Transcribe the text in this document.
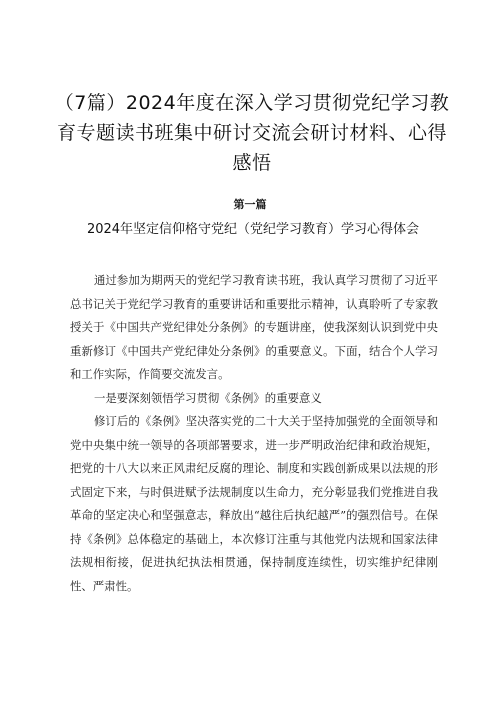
（7篇）2024年度在深入学习贯彻党纪学习教育专题读书班集中研讨交流会研讨材料、心得感悟
第一篇
2024年坚定信仰格守党纪（党纪学习教育）学习心得体会

通过参加为期两天的党纪学习教育读书班，我认真学习贯彻了习近平总书记关于党纪学习教育的重要讲话和重要批示精神，认真聆听了专家教授关于《中国共产党纪律处分条例》的专题讲座，使我深刻认识到党中央重新修订《中国共产党纪律处分条例》的重要意义。下面，结合个人学习和工作实际，作简要交流发言。

一是要深刻领悟学习贯彻《条例》的重要意义

修订后的《条例》坚决落实党的二十大关于坚持加强党的全面领导和党中央集中统一领导的各项部署要求，进一步严明政治纪律和政治规矩，把党的十八大以来正风肃纪反腐的理论、制度和实践创新成果以法规的形式固定下来，与时俱进赋予法规制度以生命力，充分彰显我们党推进自我革命的坚定决心和坚强意志，释放出“越往后执纪越严”的强烈信号。在保持《条例》总体稳定的基础上，本次修订注重与其他党内法规和国家法律法规相衔接，促进执纪执法相贯通，保持制度连续性，切实维护纪律刚性、严肃性。
